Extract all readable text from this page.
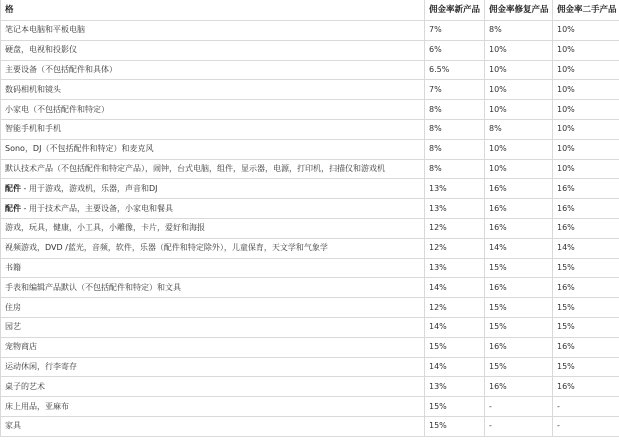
格	佣金率新产品	佣金率修复产品	佣金率二手产品
笔记本电脑和平板电脑	7%	8%	10%
硬盘，电视和投影仪	6%	10%	10%
主要设备（不包括配件和具体）	6.5%	10%	10%
数码相机和镜头	7%	10%	10%
小家电（不包括配件和特定）	8%	10%	10%
智能手机和手机	8%	8%	10%
Sono，DJ（不包括配件和特定）和麦克风	8%	10%	10%
默认技术产品（不包括配件和特定产品），闹钟，台式电脑，组件，显示器，电源，打印机，扫描仪和游戏机	8%	10%	10%
配件 - 用于游戏，游戏机，乐器，声音和DJ	13%	16%	16%
配件 - 用于技术产品，主要设备，小家电和餐具	13%	16%	16%
游戏，玩具，健康，小工具，小雕像，卡片，爱好和海报	12%	16%	16%
视频游戏，DVD /蓝光，音频，软件，乐器（配件和特定除外），儿童保育，天文学和气象学	12%	14%	14%
书籍	13%	15%	15%
手表和编辑产品默认（不包括配件和特定）和文具	14%	16%	16%
住房	12%	15%	15%
园艺	14%	15%	15%
宠物商店	15%	16%	16%
运动休闲，行李寄存	14%	15%	15%
桌子的艺术	13%	16%	16%
床上用品，亚麻布	15%	-	-
家具	15%	-	-
